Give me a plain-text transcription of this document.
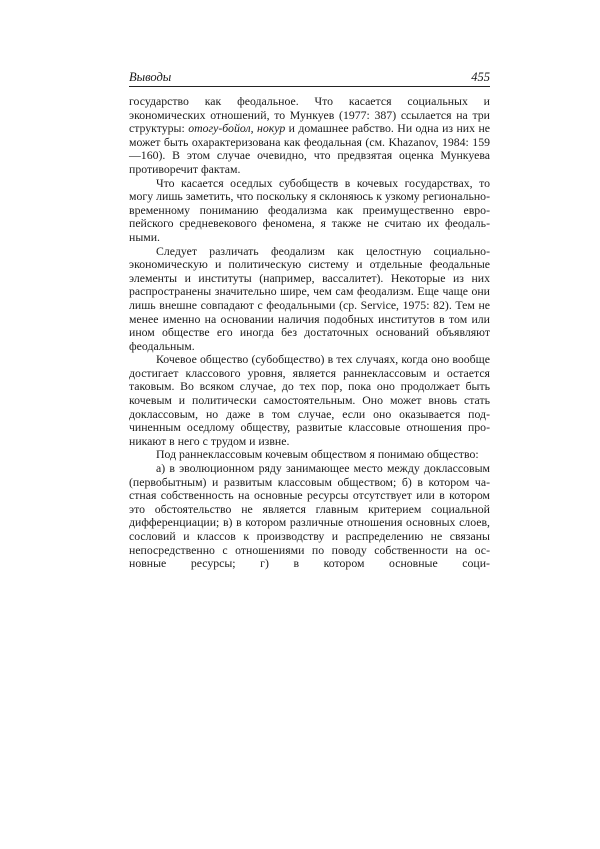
Выводы	455

государство как феодальное. Что касается социальных и экономических отношений, то Мункуев (1977: 387) ссылается на три структуры: отогу-бойол, нокур и домашнее рабство. Ни одна из них не может быть охарактеризована как феодальная (см. Khazanov, 1984: 159—160). В этом случае очевидно, что предвзятая оценка Мункуева противоречит фактам.

Что касается оседлых субобществ в кочевых государствах, то могу лишь заметить, что поскольку я склоняюсь к узкому регионально-временному пониманию феодализма как преимущественно европейского средневекового феномена, я также не считаю их феодальными.

Следует различать феодализм как целостную социально-экономическую и политическую систему и отдельные феодальные элементы и институты (например, вассалитет). Некоторые из них распространены значительно шире, чем сам феодализм. Еще чаще они лишь внешне совпадают с феодальными (ср. Service, 1975: 82). Тем не менее именно на основании наличия подобных институтов в том или ином обществе его иногда без достаточных оснований объявляют феодальным.

Кочевое общество (субобщество) в тех случаях, когда оно вообще достигает классового уровня, является раннеклассовым и остается таковым. Во всяком случае, до тех пор, пока оно продолжает быть кочевым и политически самостоятельным. Оно может вновь стать доклассовым, но даже в том случае, если оно оказывается подчиненным оседлому обществу, развитые классовые отношения проникают в него с трудом и извне.

Под раннеклассовым кочевым обществом я понимаю общество:

а) в эволюционном ряду занимающее место между доклассовым (первобытным) и развитым классовым обществом; б) в котором частная собственность на основные ресурсы отсутствует или в котором это обстоятельство не является главным критерием социальной дифференциации; в) в котором различные отношения основных слоев, сословий и классов к производству и распределению не связаны непосредственно с отношениями по поводу собственности на основные ресурсы; г) в котором основные соци-
